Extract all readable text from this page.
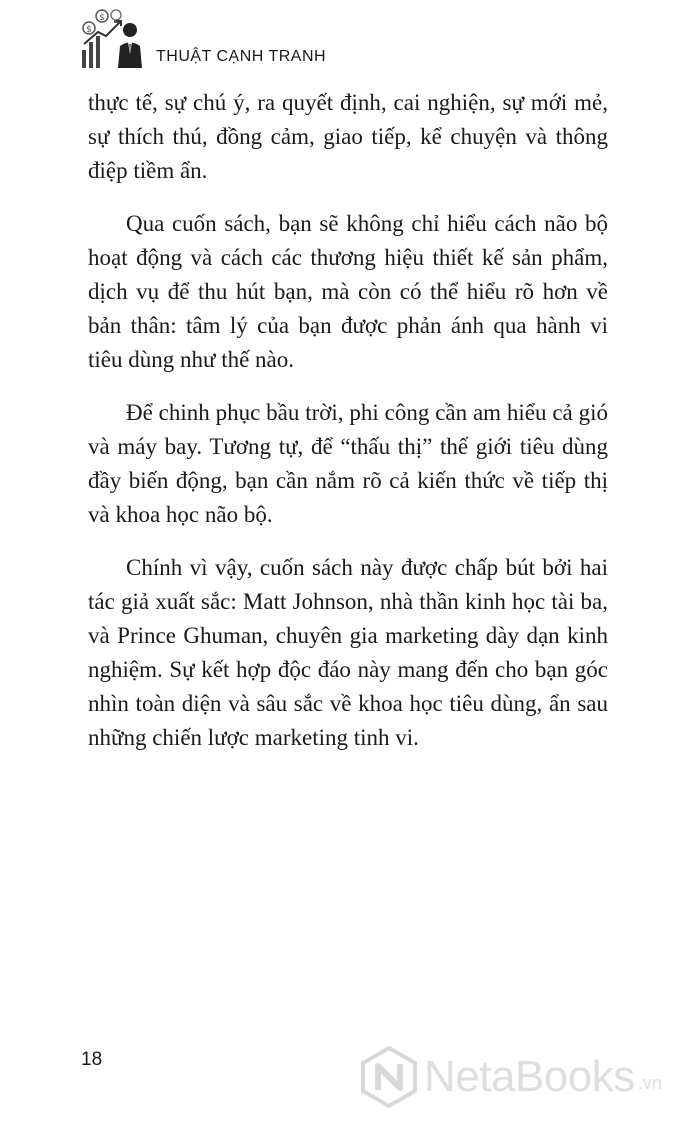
$
$
THUẬT CẠNH TRANH

thực tế, sự chú ý, ra quyết định, cai nghiện, sự mới mẻ, sự thích thú, đồng cảm, giao tiếp, kể chuyện và thông điệp tiềm ẩn.

Qua cuốn sách, bạn sẽ không chỉ hiểu cách não bộ hoạt động và cách các thương hiệu thiết kế sản phẩm, dịch vụ để thu hút bạn, mà còn có thể hiểu rõ hơn về bản thân: tâm lý của bạn được phản ánh qua hành vi tiêu dùng như thế nào.

Để chinh phục bầu trời, phi công cần am hiểu cả gió và máy bay. Tương tự, để “thấu thị” thế giới tiêu dùng đầy biến động, bạn cần nắm rõ cả kiến thức về tiếp thị và khoa học não bộ.

Chính vì vậy, cuốn sách này được chấp bút bởi hai tác giả xuất sắc: Matt Johnson, nhà thần kinh học tài ba, và Prince Ghuman, chuyên gia marketing dày dạn kinh nghiệm. Sự kết hợp độc đáo này mang đến cho bạn góc nhìn toàn diện và sâu sắc về khoa học tiêu dùng, ẩn sau những chiến lược marketing tinh vi.

18	NetaBooks .vn
